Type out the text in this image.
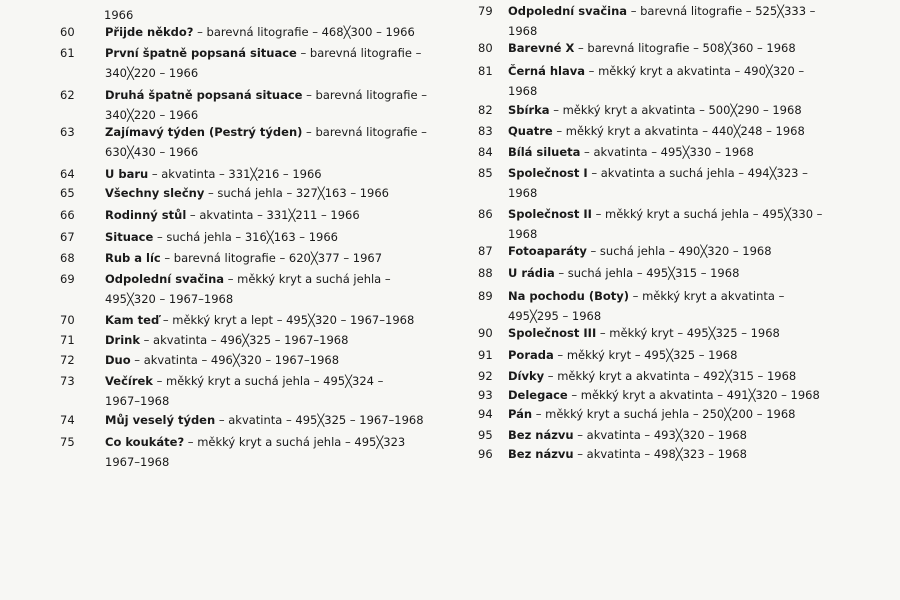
1966
60	Přijde někdo? – barevná litografie – 468╳300 – 1966
61	První špatně popsaná situace – barevná litografie –
340╳220 – 1966
62	Druhá špatně popsaná situace – barevná litografie –
340╳220 – 1966
63	Zajímavý týden (Pestrý týden) – barevná litografie –
630╳430 – 1966
64	U baru – akvatinta – 331╳216 – 1966
65	Všechny slečny – suchá jehla – 327╳163 – 1966
66	Rodinný stůl – akvatinta – 331╳211 – 1966
67	Situace – suchá jehla – 316╳163 – 1966
68	Rub a líc – barevná litografie – 620╳377 – 1967
69	Odpolední svačina – měkký kryt a suchá jehla –
495╳320 – 1967–1968
70	Kam teď – měkký kryt a lept – 495╳320 – 1967–1968
71	Drink – akvatinta – 496╳325 – 1967–1968
72	Duo – akvatinta – 496╳320 – 1967–1968
73	Večírek – měkký kryt a suchá jehla – 495╳324 –
1967–1968
74	Můj veselý týden – akvatinta – 495╳325 – 1967–1968
75	Co koukáte? – měkký kryt a suchá jehla – 495╳323
1967–1968
79	Odpolední svačina – barevná litografie – 525╳333 –
1968
80	Barevné X – barevná litografie – 508╳360 – 1968
81	Černá hlava – měkký kryt a akvatinta – 490╳320 –
1968
82	Sbírka – měkký kryt a akvatinta – 500╳290 – 1968
83	Quatre – měkký kryt a akvatinta – 440╳248 – 1968
84	Bílá silueta – akvatinta – 495╳330 – 1968
85	Společnost I – akvatinta a suchá jehla – 494╳323 –
1968
86	Společnost II – měkký kryt a suchá jehla – 495╳330 –
1968
87	Fotoaparáty – suchá jehla – 490╳320 – 1968
88	U rádia – suchá jehla – 495╳315 – 1968
89	Na pochodu (Boty) – měkký kryt a akvatinta –
495╳295 – 1968
90	Společnost III – měkký kryt – 495╳325 – 1968
91	Porada – měkký kryt – 495╳325 – 1968
92	Dívky – měkký kryt a akvatinta – 492╳315 – 1968
93	Delegace – měkký kryt a akvatinta – 491╳320 – 1968
94	Pán – měkký kryt a suchá jehla – 250╳200 – 1968
95	Bez názvu – akvatinta – 493╳320 – 1968
96	Bez názvu – akvatinta – 498╳323 – 1968
